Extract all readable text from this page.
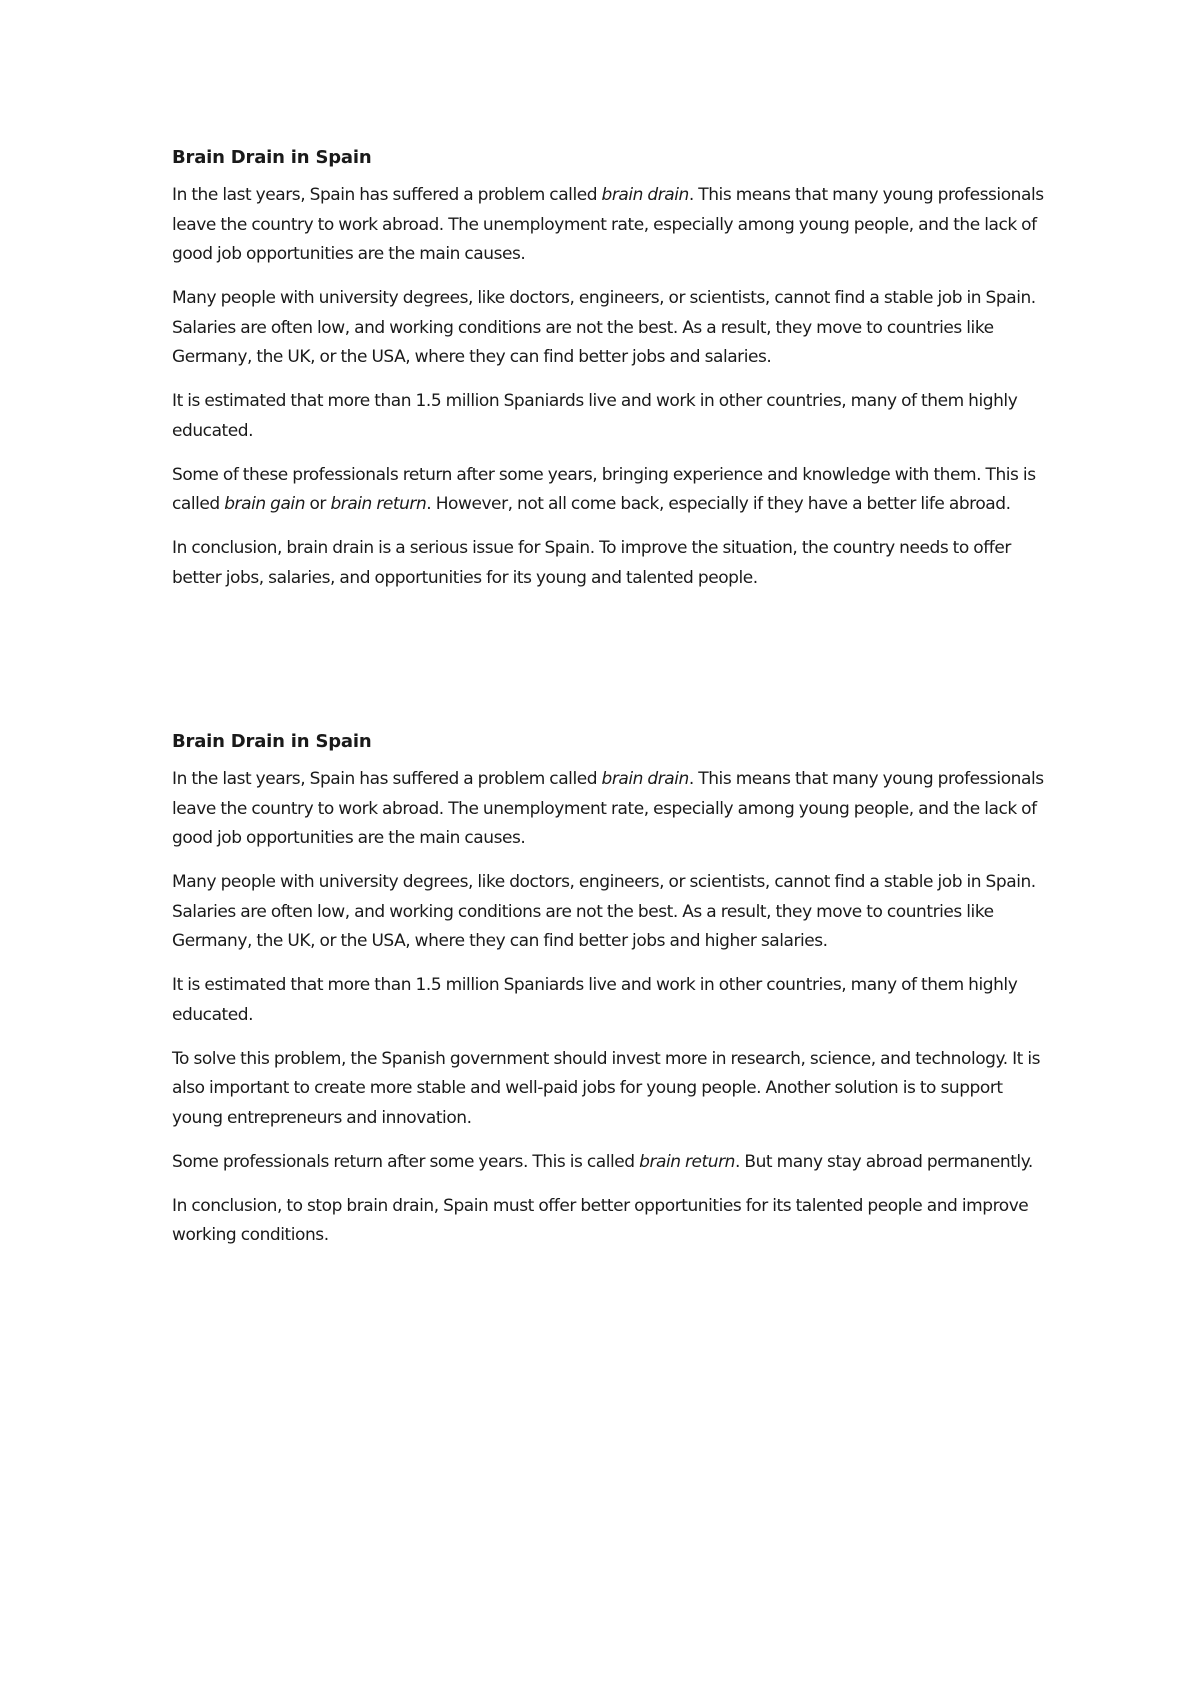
Brain Drain in Spain

In the last years, Spain has suffered a problem called brain drain. This means that many young professionals leave the country to work abroad. The unemployment rate, especially among young people, and the lack of good job opportunities are the main causes.

Many people with university degrees, like doctors, engineers, or scientists, cannot find a stable job in Spain. Salaries are often low, and working conditions are not the best. As a result, they move to countries like Germany, the UK, or the USA, where they can find better jobs and salaries.

It is estimated that more than 1.5 million Spaniards live and work in other countries, many of them highly educated.

Some of these professionals return after some years, bringing experience and knowledge with them. This is called brain gain or brain return. However, not all come back, especially if they have a better life abroad.

In conclusion, brain drain is a serious issue for Spain. To improve the situation, the country needs to offer better jobs, salaries, and opportunities for its young and talented people.

Brain Drain in Spain

In the last years, Spain has suffered a problem called brain drain. This means that many young professionals leave the country to work abroad. The unemployment rate, especially among young people, and the lack of good job opportunities are the main causes.

Many people with university degrees, like doctors, engineers, or scientists, cannot find a stable job in Spain. Salaries are often low, and working conditions are not the best. As a result, they move to countries like Germany, the UK, or the USA, where they can find better jobs and higher salaries.

It is estimated that more than 1.5 million Spaniards live and work in other countries, many of them highly educated.

To solve this problem, the Spanish government should invest more in research, science, and technology. It is also important to create more stable and well-paid jobs for young people. Another solution is to support young entrepreneurs and innovation.

Some professionals return after some years. This is called brain return. But many stay abroad permanently.

In conclusion, to stop brain drain, Spain must offer better opportunities for its talented people and improve working conditions.
